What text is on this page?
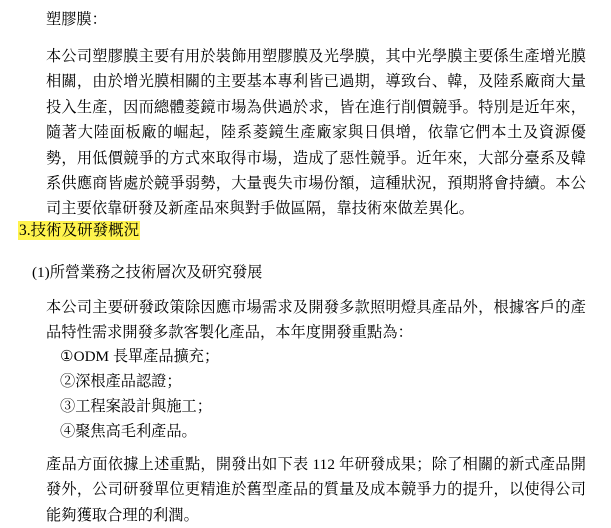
塑膠膜：
本公司塑膠膜主要有用於裝飾用塑膠膜及光學膜，其中光學膜主要係生產增光膜相關，由於增光膜相關的主要基本專利皆已過期，導致台、韓，及陸系廠商大量投入生產，因而總體菱鏡市場為供過於求，皆在進行削價競爭。特別是近年來，隨著大陸面板廠的崛起，陸系菱鏡生產廠家與日俱增，依靠它們本土及資源優勢，用低價競爭的方式來取得市場，造成了惡性競爭。近年來，大部分臺系及韓系供應商皆處於競爭弱勢，大量喪失市場份額，這種狀況，預期將會持續。本公司主要依靠研發及新產品來與對手做區隔，靠技術來做差異化。
3.技術及研發概況
(1)所營業務之技術層次及研究發展
本公司主要研發政策除因應市場需求及開發多款照明燈具產品外，根據客戶的產品特性需求開發多款客製化產品，本年度開發重點為：
①ODM 長單產品擴充；
②深根產品認證；
③工程案設計與施工；
④聚焦高毛利產品。
產品方面依據上述重點，開發出如下表 112 年研發成果；除了相關的新式產品開發外，公司研發單位更精進於舊型產品的質量及成本競爭力的提升，以使得公司能夠獲取合理的利潤。
